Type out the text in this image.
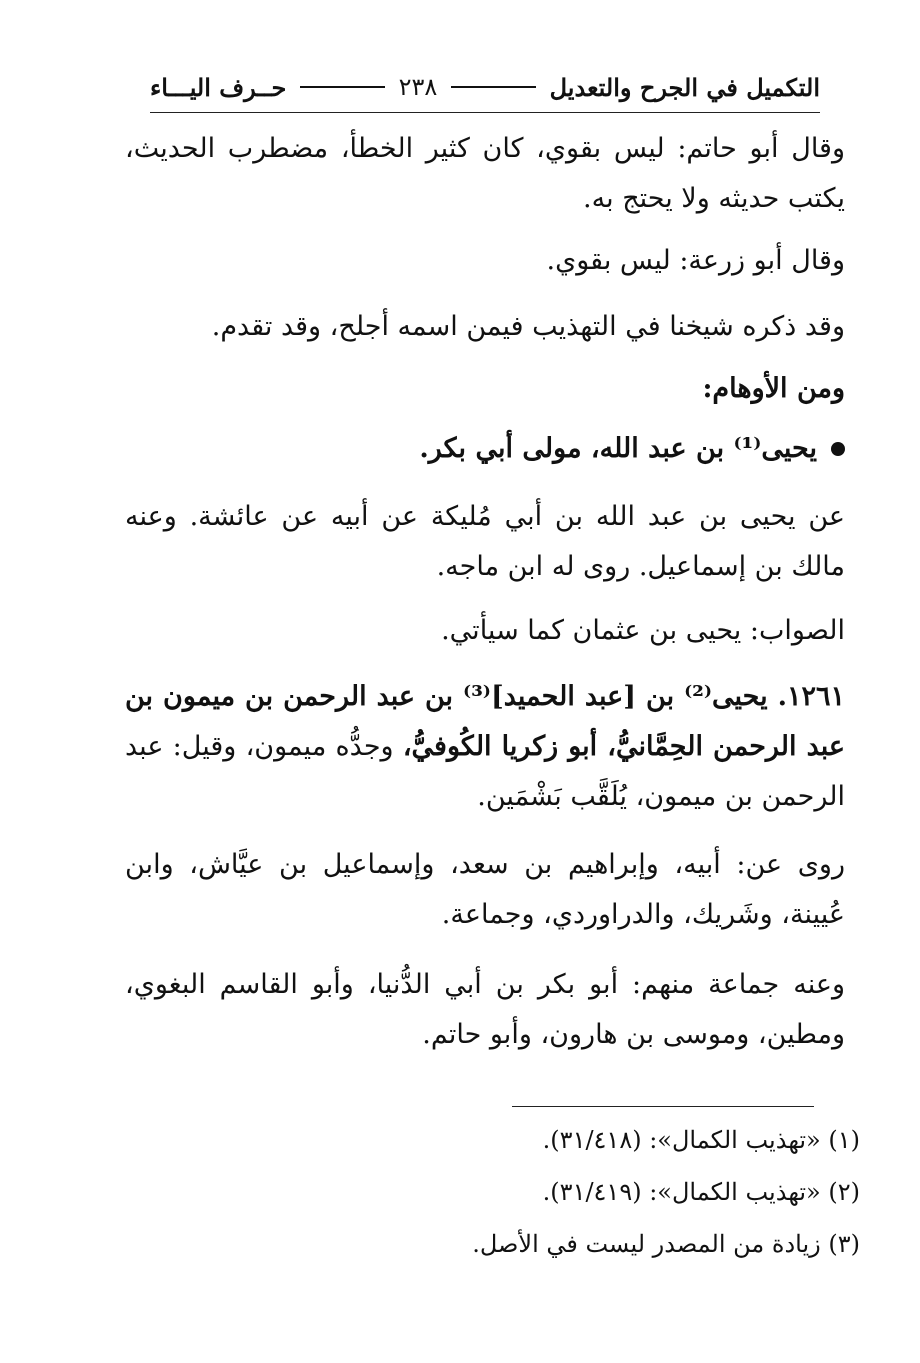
التكميل في الجرح والتعديل
٢٣٨
حــرف اليـــاء
وقال أبو حاتم: ليس بقوي، كان كثير الخطأ، مضطرب الحديث، يكتب حديثه ولا يحتج به.
وقال أبو زرعة: ليس بقوي.
وقد ذكره شيخنا في التهذيب فيمن اسمه أجلح، وقد تقدم.
ومن الأوهام:
يحيى⁽¹⁾ بن عبد الله، مولى أبي بكر.
عن يحيى بن عبد الله بن أبي مُليكة عن أبيه عن عائشة. وعنه مالك بن إسماعيل. روى له ابن ماجه.
الصواب: يحيى بن عثمان كما سيأتي.
١٢٦١. يحيى⁽²⁾ بن [عبد الحميد]⁽³⁾ بن عبد الرحمن بن ميمون بن عبد الرحمن الحِمَّانيُّ، أبو زكريا الكُوفيُّ، وجدُّه ميمون، وقيل: عبد الرحمن بن ميمون، يُلَقَّب بَشْمَين.
روى عن: أبيه، وإبراهيم بن سعد، وإسماعيل بن عيَّاش، وابن عُيينة، وشَريك، والدراوردي، وجماعة.
وعنه جماعة منهم: أبو بكر بن أبي الدُّنيا، وأبو القاسم البغوي، ومطين، وموسى بن هارون، وأبو حاتم.
(١) «تهذيب الكمال»: (٣١/٤١٨).
(٢) «تهذيب الكمال»: (٣١/٤١٩).
(٣) زيادة من المصدر ليست في الأصل.
